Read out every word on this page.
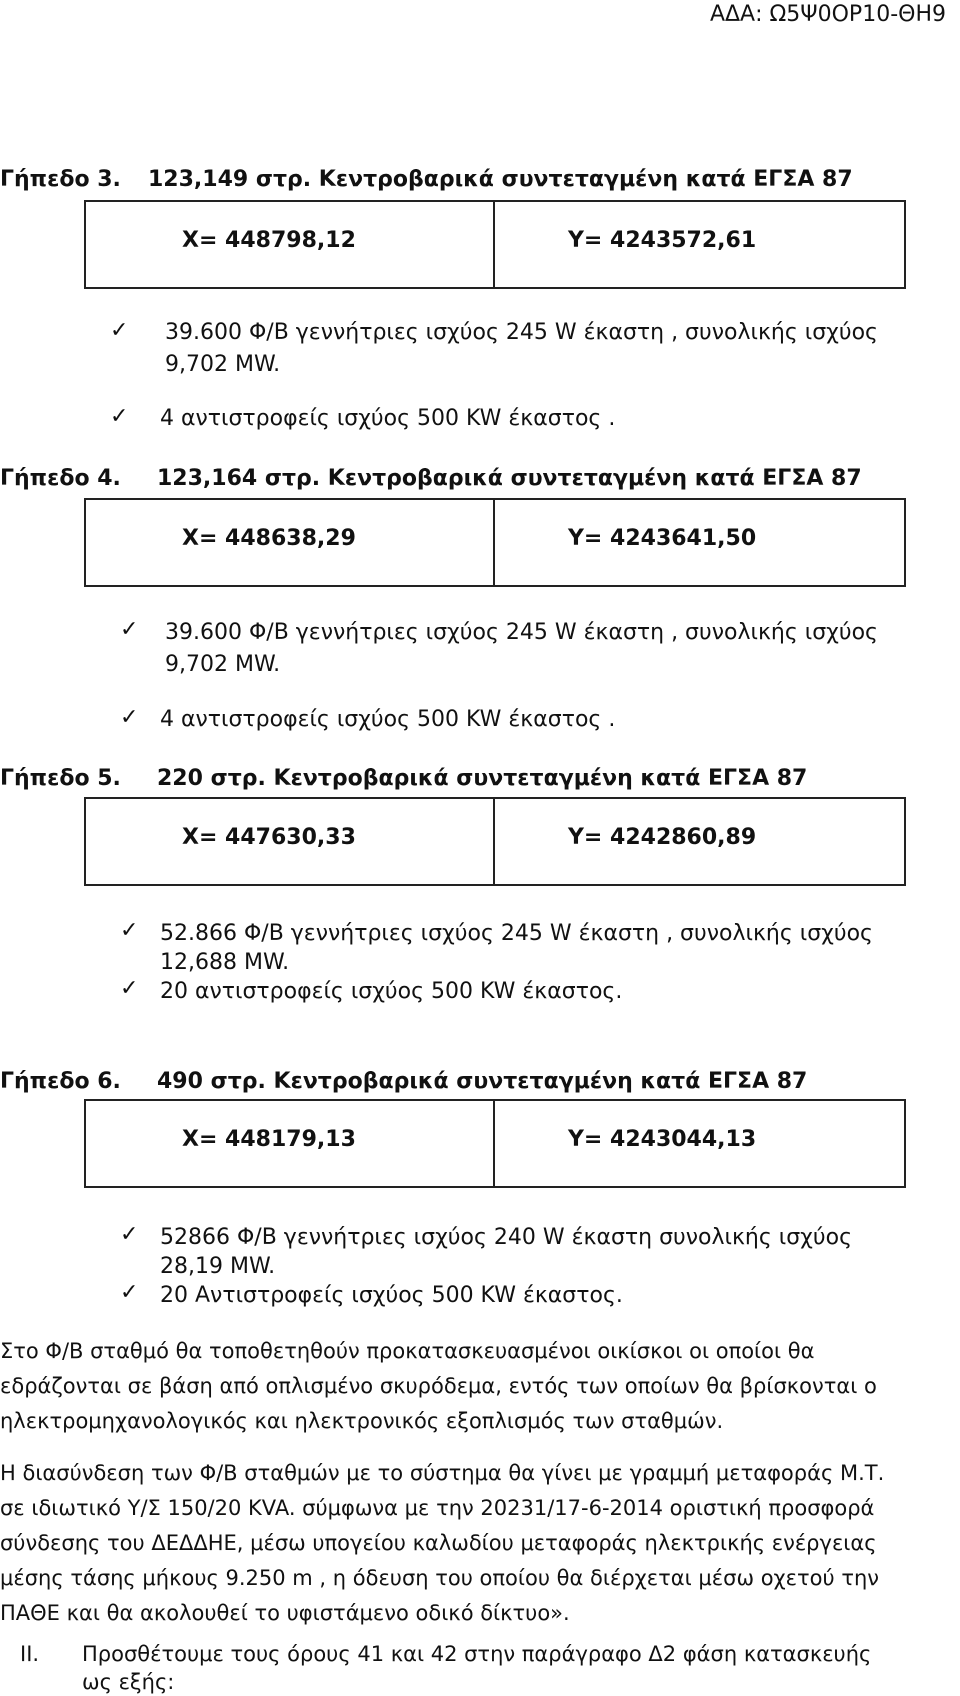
ΑΔΑ: Ω5Ψ0ΟΡ10-ΘΗ9
Γήπεδο 3. 123,149 στρ. Κεντροβαρικά συντεταγμένη κατά ΕΓΣΑ 87
Χ= 448798,12	Υ= 4243572,61
✓ 39.600 Φ/Β γεννήτριες ισχύος 245 W έκαστη , συνολικής ισχύος
9,702 MW.
✓ 4 αντιστροφείς ισχύος 500 KW έκαστος .
Γήπεδο 4. 123,164 στρ. Κεντροβαρικά συντεταγμένη κατά ΕΓΣΑ 87
Χ= 448638,29	Υ= 4243641,50
✓ 39.600 Φ/Β γεννήτριες ισχύος 245 W έκαστη , συνολικής ισχύος
9,702 MW.
✓ 4 αντιστροφείς ισχύος 500 KW έκαστος .
Γήπεδο 5. 220 στρ. Κεντροβαρικά συντεταγμένη κατά ΕΓΣΑ 87
Χ= 447630,33	Υ= 4242860,89
✓ 52.866 Φ/Β γεννήτριες ισχύος 245 W έκαστη , συνολικής ισχύος
12,688 MW.
✓ 20 αντιστροφείς ισχύος 500 KW έκαστος.
Γήπεδο 6. 490 στρ. Κεντροβαρικά συντεταγμένη κατά ΕΓΣΑ 87
Χ= 448179,13	Υ= 4243044,13
✓ 52866 Φ/Β γεννήτριες ισχύος 240 W έκαστη συνολικής ισχύος
28,19 MW.
✓ 20 Αντιστροφείς ισχύος 500 KW έκαστος.
Στο Φ/Β σταθμό θα τοποθετηθούν προκατασκευασμένοι οικίσκοι οι οποίοι θα
εδράζονται σε βάση από οπλισμένο σκυρόδεμα, εντός των οποίων θα βρίσκονται ο
ηλεκτρομηχανολογικός και ηλεκτρονικός εξοπλισμός των σταθμών.
Η διασύνδεση των Φ/Β σταθμών με το σύστημα θα γίνει με γραμμή μεταφοράς Μ.Τ.
σε ιδιωτικό Υ/Σ 150/20 KVA. σύμφωνα με την 20231/17-6-2014 οριστική προσφορά
σύνδεσης του ΔΕΔΔΗΕ, μέσω υπογείου καλωδίου μεταφοράς ηλεκτρικής ενέργειας
μέσης τάσης μήκους 9.250 m , η όδευση του οποίου θα διέρχεται μέσω οχετού την
ΠΑΘΕ και θα ακολουθεί το υφιστάμενο οδικό δίκτυο».
ΙΙ. Προσθέτουμε τους όρους 41 και 42 στην παράγραφο Δ2 φάση κατασκευής
ως εξής:
